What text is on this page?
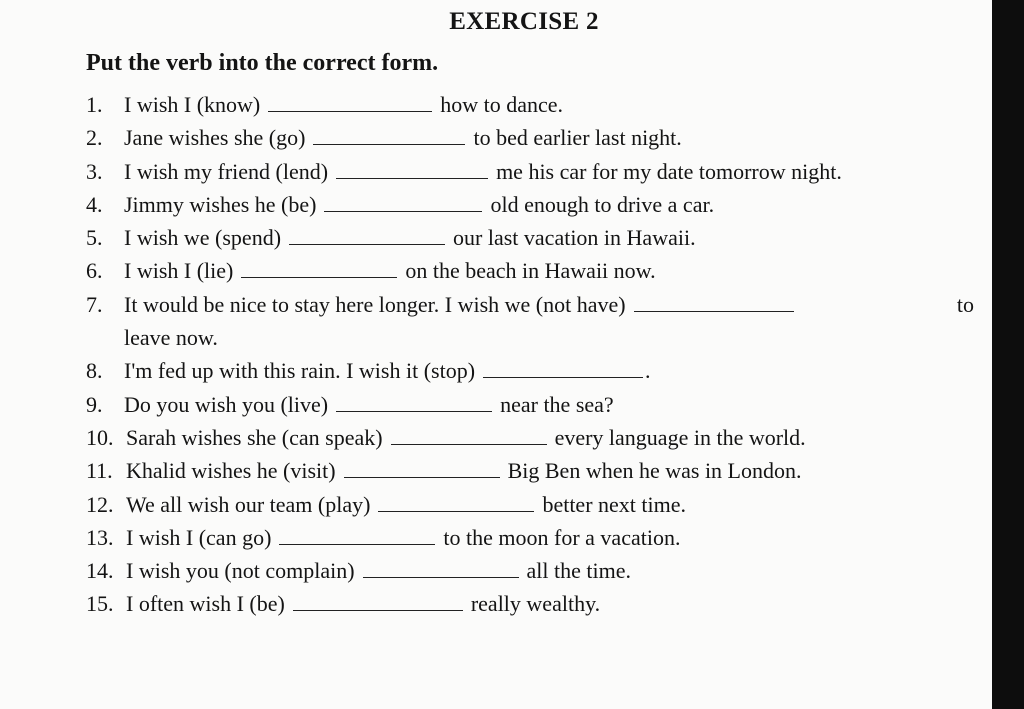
EXERCISE 2
Put the verb into the correct form.
1. I wish I (know)	how to dance.
2. Jane wishes she (go)	to bed earlier last night.
3. I wish my friend (lend)	me his car for my date tomorrow night.
4. Jimmy wishes he (be)	old enough to drive a car.
5. I wish we (spend)	our last vacation in Hawaii.
6. I wish I (lie)	on the beach in Hawaii now.
7. It would be nice to stay here longer. I wish we (not have)	to

leave now.
8. I'm fed up with this rain. I wish it (stop)	.
9. Do you wish you (live)	near the sea?
10. Sarah wishes she (can speak)	every language in the world.
11. Khalid wishes he (visit)	Big Ben when he was in London.
12. We all wish our team (play)	better next time.
13. I wish I (can go)	to the moon for a vacation.
14. I wish you (not complain)	all the time.
15. I often wish I (be)	really wealthy.
